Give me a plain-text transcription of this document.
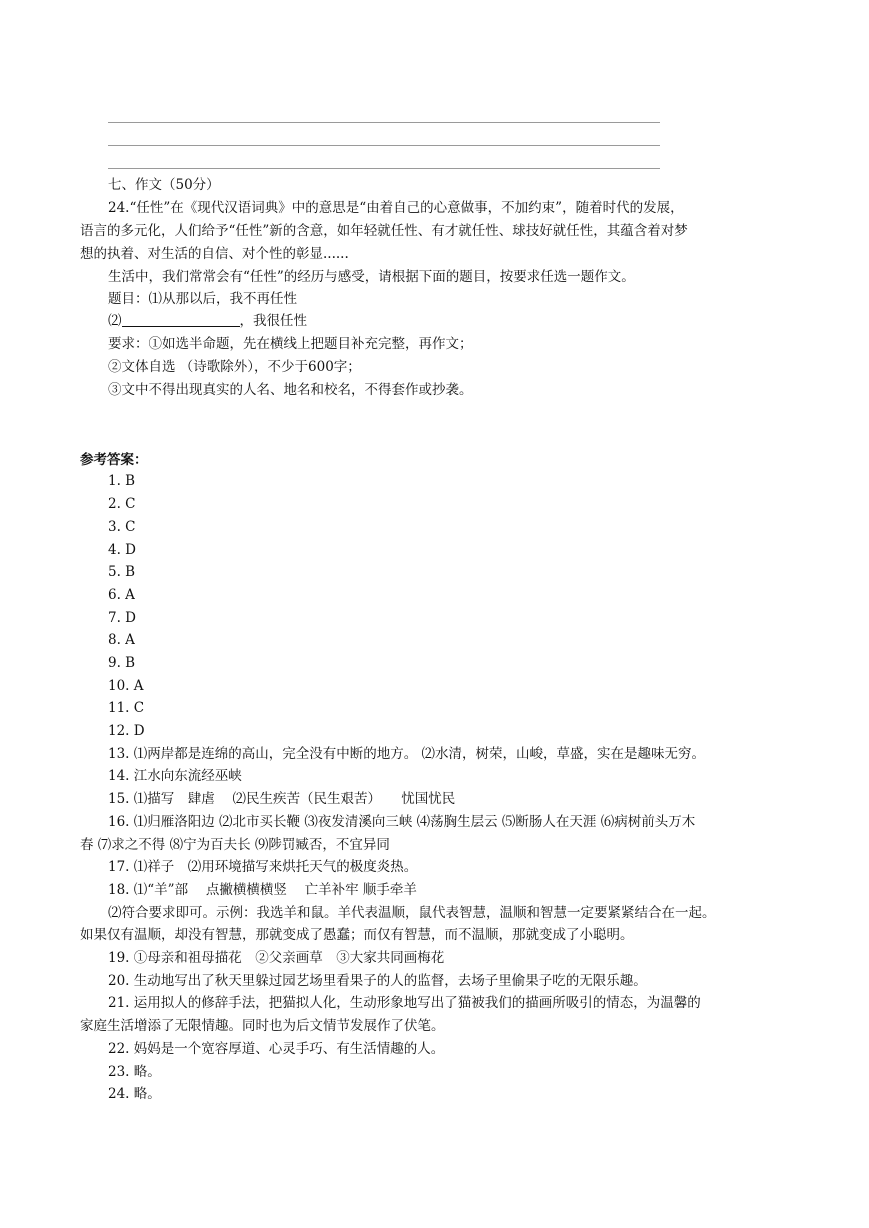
七、作文（50分）
24.“任性”在《现代汉语词典》中的意思是“由着自己的心意做事，不加约束”，随着时代的发展，
语言的多元化，人们给予“任性”新的含意，如年轻就任性、有才就任性、球技好就任性，其蕴含着对梦
想的执着、对生活的自信、对个性的彰显......
生活中，我们常常会有“任性”的经历与感受，请根据下面的题目，按要求任选一题作文。
题目：⑴从那以后，我不再任性
⑵	，我很任性
要求：①如选半命题，先在横线上把题目补充完整，再作文；
②文体自选 （诗歌除外），不少于600字；
③文中不得出现真实的人名、地名和校名，不得套作或抄袭。
参考答案：
1. B
2. C
3. C
4. D
5. B
6. A
7. D
8. A
9. B
10. A
11. C
12. D
13. ⑴两岸都是连绵的高山，完全没有中断的地方。 ⑵水清，树荣，山峻，草盛，实在是趣味无穷。
14. 江水向东流经巫峡
15. ⑴描写　肆虐　 ⑵民生疾苦（民生艰苦）　　忧国忧民
16. ⑴归雁洛阳边 ⑵北市买长鞭 ⑶夜发清溪向三峡 ⑷荡胸生层云 ⑸断肠人在天涯 ⑹病树前头万木
春 ⑺求之不得 ⑻宁为百夫长 ⑼陟罚臧否，不宜异同
17. ⑴祥子　⑵用环境描写来烘托天气的极度炎热。
18. ⑴“羊”部　 点撇横横横竖　 亡羊补牢 顺手牵羊
⑵符合要求即可。示例：我选羊和鼠。羊代表温顺，鼠代表智慧，温顺和智慧一定要紧紧结合在一起。
如果仅有温顺，却没有智慧，那就变成了愚蠢；而仅有智慧，而不温顺，那就变成了小聪明。
19. ①母亲和祖母描花　②父亲画草　③大家共同画梅花
20. 生动地写出了秋天里躲过园艺场里看果子的人的监督，去场子里偷果子吃的无限乐趣。
21. 运用拟人的修辞手法，把猫拟人化，生动形象地写出了猫被我们的描画所吸引的情态，为温馨的
家庭生活增添了无限情趣。同时也为后文情节发展作了伏笔。
22. 妈妈是一个宽容厚道、心灵手巧、有生活情趣的人。
23. 略。
24. 略。
